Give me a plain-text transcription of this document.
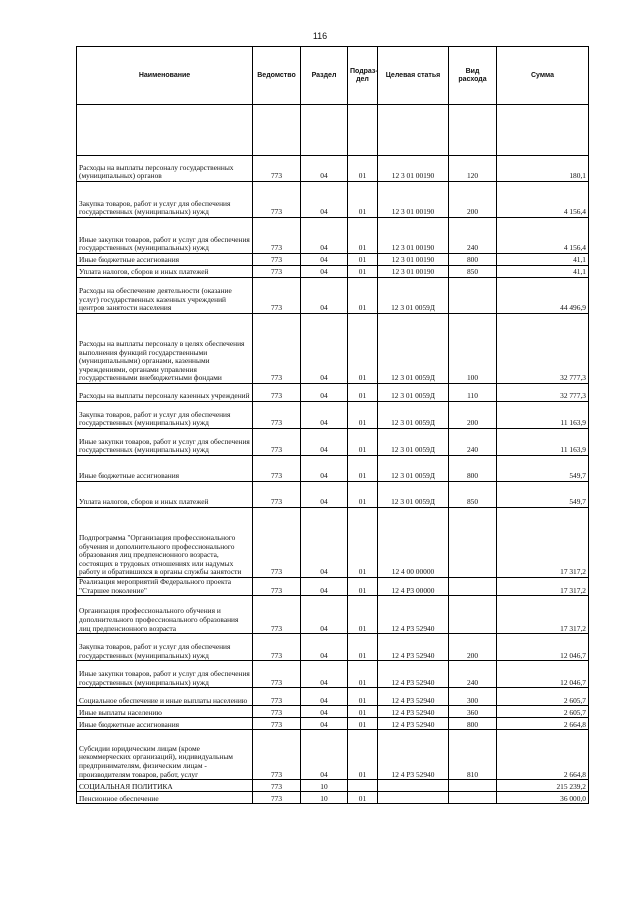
116
Наименование	Ведомство	Раздел	Подраз-дел	Целевая статья	Вид расхода	Сумма

Расходы на выплаты персоналу государственных (муниципальных) органов	773	04	01	12 3 01 00190	120	180,1
Закупка товаров, работ и услуг для обеспечения государственных (муниципальных) нужд	773	04	01	12 3 01 00190	200	4 156,4
Иные закупки товаров, работ и услуг для обеспечения государственных (муниципальных) нужд	773	04	01	12 3 01 00190	240	4 156,4
Иные бюджетные ассигнования	773	04	01	12 3 01 00190	800	41,1
Уплата налогов, сборов и иных платежей	773	04	01	12 3 01 00190	850	41,1
Расходы на обеспечение деятельности (оказание услуг) государственных казенных учреждений центров занятости населения	773	04	01	12 3 01 0059Д		44 496,9
Расходы на выплаты персоналу в целях обеспечения выполнения функций государственными (муниципальными) органами, казенными учреждениями, органами управления государственными внебюджетными фондами	773	04	01	12 3 01 0059Д	100	32 777,3
Расходы на выплаты персоналу казенных учреждений	773	04	01	12 3 01 0059Д	110	32 777,3
Закупка товаров, работ и услуг для обеспечения государственных (муниципальных) нужд	773	04	01	12 3 01 0059Д	200	11 163,9
Иные закупки товаров, работ и услуг для обеспечения государственных (муниципальных) нужд	773	04	01	12 3 01 0059Д	240	11 163,9
Иные бюджетные ассигнования	773	04	01	12 3 01 0059Д	800	549,7
Уплата налогов, сборов и иных платежей	773	04	01	12 3 01 0059Д	850	549,7
Подпрограмма "Организация профессионального обучения и дополнительного профессионального образования лиц предпенсионного возраста, состоящих в трудовых отношениях или надумых работу и обратившихся в органы службы занятости	773	04	01	12 4 00 00000		17 317,2
Реализация мероприятий Федерального проекта "Старшее поколение"	773	04	01	12 4 P3 00000		17 317,2
Организация профессионального обучения и дополнительного профессионального образования лиц предпенсионного возраста	773	04	01	12 4 P3 52940		17 317,2
Закупка товаров, работ и услуг для обеспечения государственных (муниципальных) нужд	773	04	01	12 4 P3 52940	200	12 046,7
Иные закупки товаров, работ и услуг для обеспечения государственных (муниципальных) нужд	773	04	01	12 4 P3 52940	240	12 046,7
Социальное обеспечение и иные выплаты населению	773	04	01	12 4 P3 52940	300	2 605,7
Иные выплаты населению	773	04	01	12 4 P3 52940	360	2 605,7
Иные бюджетные ассигнования	773	04	01	12 4 P3 52940	800	2 664,8
Субсидии юридическим лицам (кроме некоммерческих организаций), индивидуальным предпринимателям, физическим лицам - производителям товаров, работ, услуг	773	04	01	12 4 P3 52940	810	2 664,8
СОЦИАЛЬНАЯ ПОЛИТИКА	773	10				215 239,2
Пенсионное обеспечение	773	10	01			36 000,0
